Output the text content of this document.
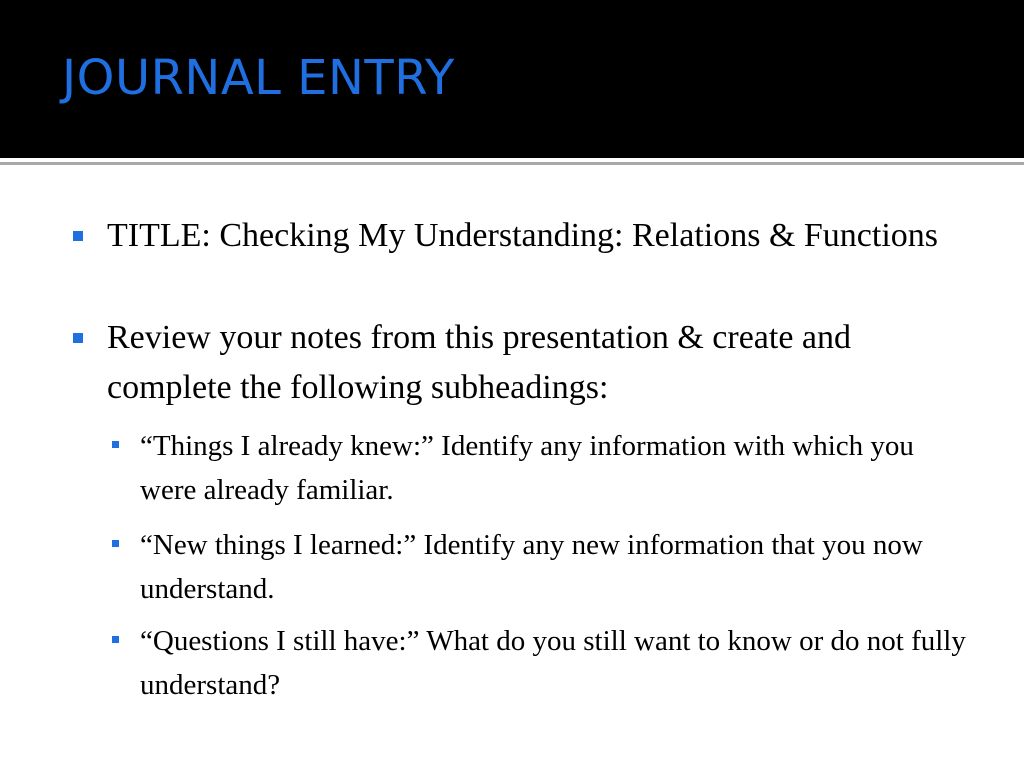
JOURNAL ENTRY
TITLE: Checking My Understanding: Relations & Functions
Review your notes from this presentation & create and complete the following subheadings:
“Things I already knew:” Identify any information with which you were already familiar.
“New things I learned:” Identify any new information that you now understand.
“Questions I still have:” What do you still want to know or do not fully understand?
